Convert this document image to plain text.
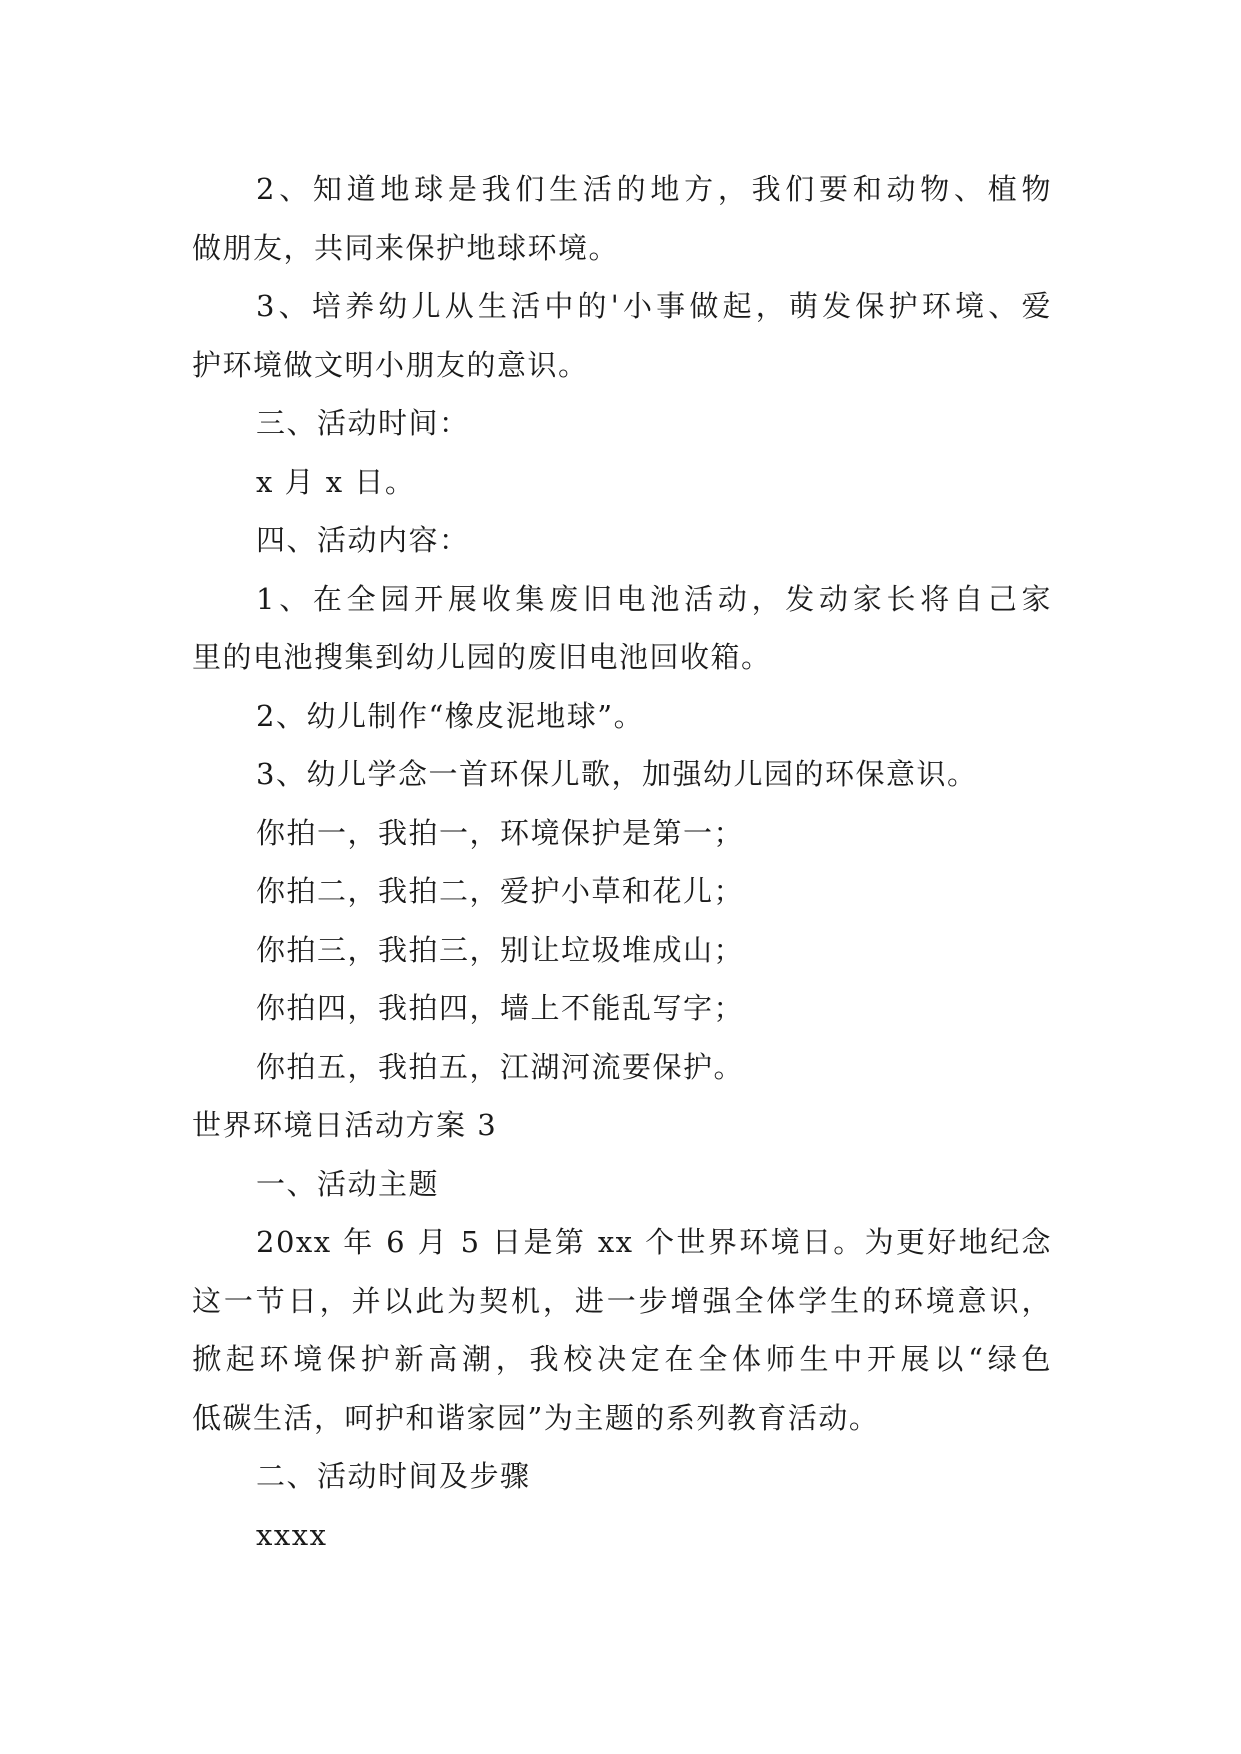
2、知道地球是我们生活的地方，我们要和动物、植物
做朋友，共同来保护地球环境。
3、培养幼儿从生活中的'小事做起，萌发保护环境、爱
护环境做文明小朋友的意识。
三、活动时间：
x 月 x 日。
四、活动内容：
1、在全园开展收集废旧电池活动，发动家长将自己家
里的电池搜集到幼儿园的废旧电池回收箱。
2、幼儿制作“橡皮泥地球”。
3、幼儿学念一首环保儿歌，加强幼儿园的环保意识。
你拍一，我拍一，环境保护是第一；
你拍二，我拍二，爱护小草和花儿；
你拍三，我拍三，别让垃圾堆成山；
你拍四，我拍四，墙上不能乱写字；
你拍五，我拍五，江湖河流要保护。
世界环境日活动方案 3
一、活动主题
20xx 年 6 月 5 日是第 xx 个世界环境日。为更好地纪念
这一节日，并以此为契机，进一步增强全体学生的环境意识，
掀起环境保护新高潮，我校决定在全体师生中开展以“绿色
低碳生活，呵护和谐家园”为主题的系列教育活动。
二、活动时间及步骤
xxxx
